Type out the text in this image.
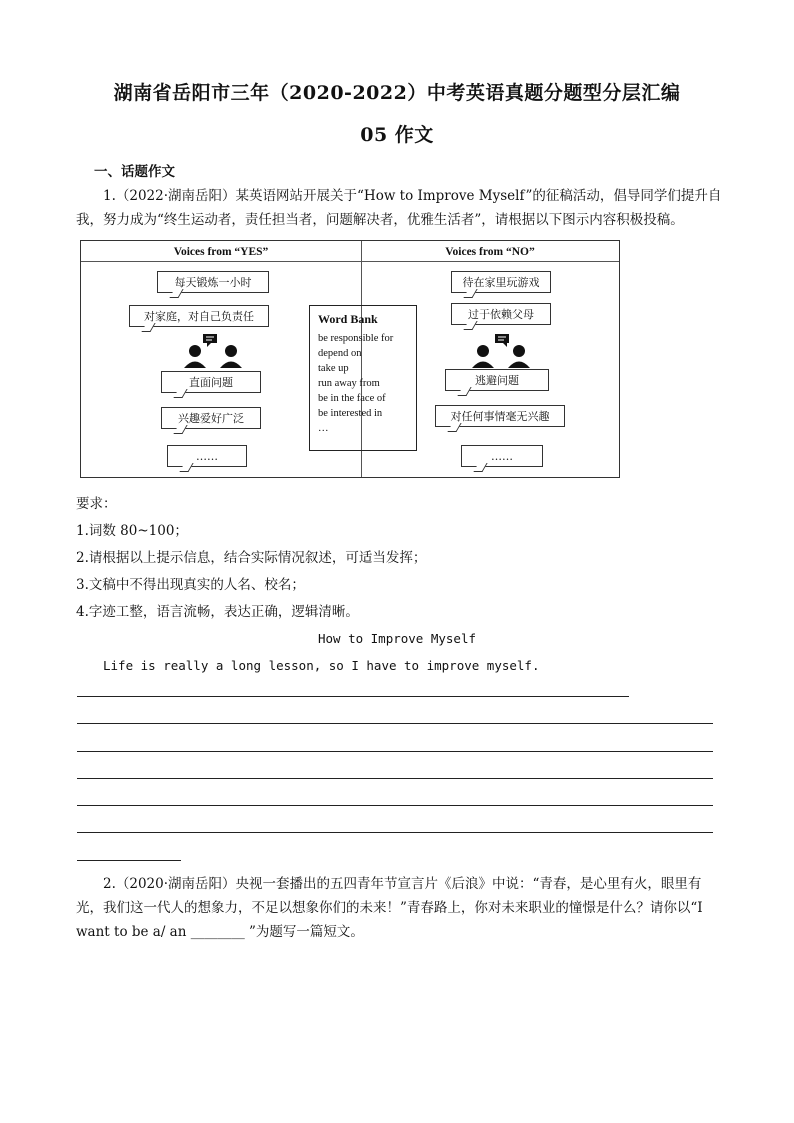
湖南省岳阳市三年（2020-2022）中考英语真题分题型分层汇编
05 作文
一、话题作文
1.（2022·湖南岳阳）某英语网站开展关于“How to Improve Myself”的征稿活动，倡导同学们提升自我，努力成为“终生运动者，责任担当者，问题解决者，优雅生活者”，请根据以下图示内容积极投稿。
Voices from “YES”	Voices from “NO”
每天锻炼一小时
对家庭，对自己负责任
直面问题
兴趣爱好广泛
……
Word Bank
be responsible for
depend on
take up
run away from
be in the face of
be interested in
…
待在家里玩游戏
过于依赖父母
逃避问题
对任何事情毫无兴趣
……
要求：
1.词数 80~100；
2.请根据以上提示信息，结合实际情况叙述，可适当发挥；
3.文稿中不得出现真实的人名、校名；
4.字迹工整，语言流畅，表达正确，逻辑清晰。
How to Improve Myself
Life is really a long lesson, so I have to improve myself.
2.（2020·湖南岳阳）央视一套播出的五四青年节宣言片《后浪》中说：“青春，是心里有火，眼里有光，我们这一代人的想象力，不足以想象你们的未来！”青春路上，你对未来职业的憧憬是什么？请你以“I want to be a/ an ________ ”为题写一篇短文。
